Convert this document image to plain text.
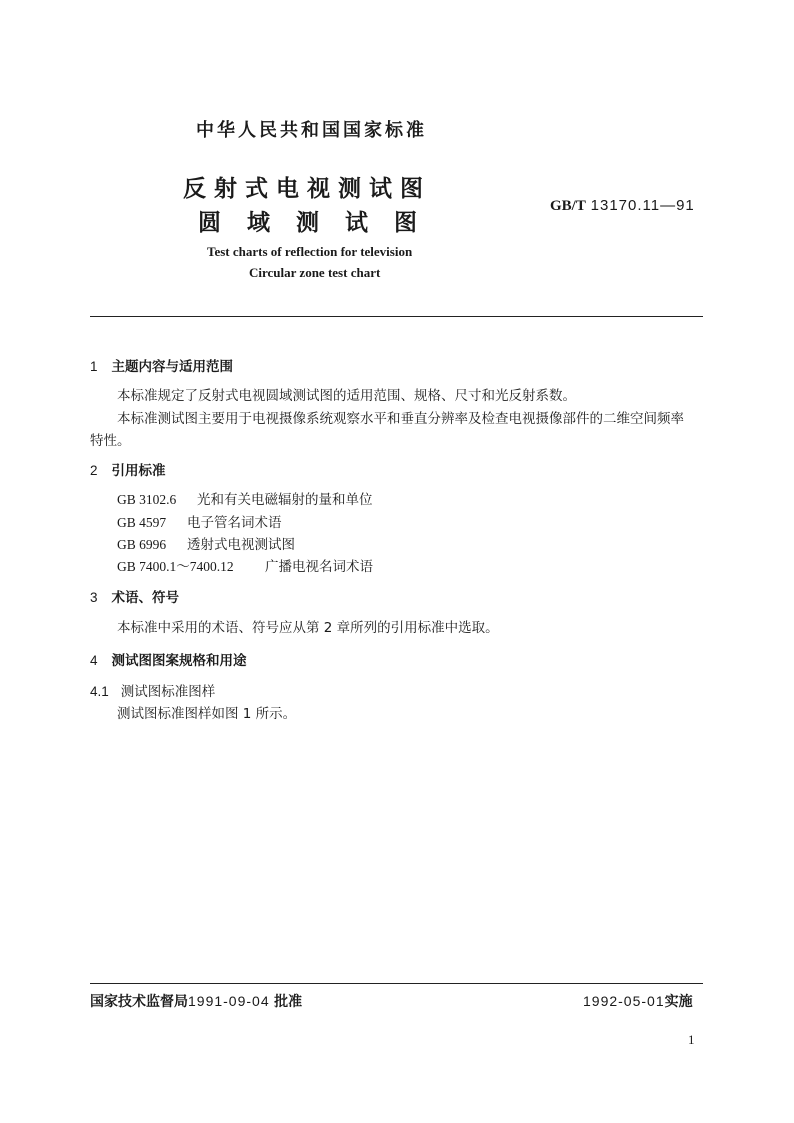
中华人民共和国国家标准
反射式电视测试图
圆域测试图
GB/T 13170.11—91
Test charts of reflection for television
Circular zone test chart
1 主题内容与适用范围
本标准规定了反射式电视圆域测试图的适用范围、规格、尺寸和光反射系数。
本标准测试图主要用于电视摄像系统观察水平和垂直分辨率及检查电视摄像部件的二维空间频率
特性。
2 引用标准
GB 3102.6 光和有关电磁辐射的量和单位
GB 4597 电子管名词术语
GB 6996 透射式电视测试图
GB 7400.1～7400.12 广播电视名词术语
3 术语、符号
本标准中采用的术语、符号应从第 2 章所列的引用标准中选取。
4 测试图图案规格和用途
4.1 测试图标准图样
测试图标准图样如图 1 所示。
国家技术监督局1991-09-04 批准	1992-05-01实施
1
